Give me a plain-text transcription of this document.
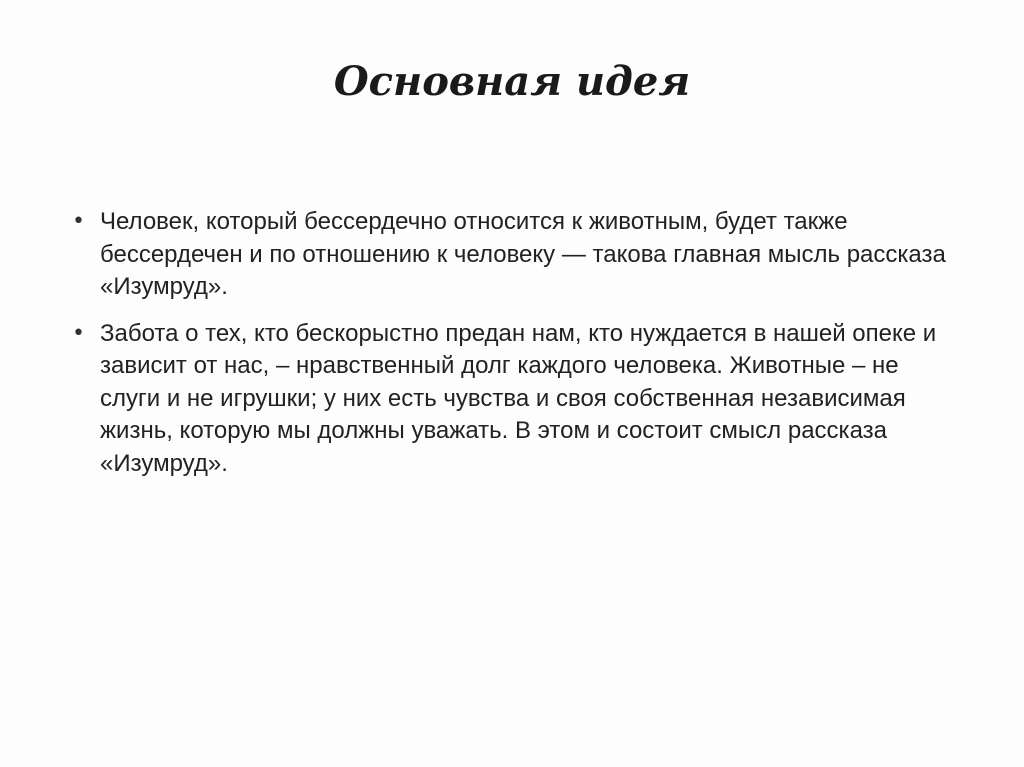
Основная идея
• Человек, который бессердечно относится к животным, будет также бессердечен и по отношению к человеку — такова главная мысль рассказа «Изумруд».
• Забота о тех, кто бескорыстно предан нам, кто нуждается в нашей опеке и зависит от нас, – нравственный долг каждого человека. Животные – не слуги и не игрушки; у них есть чувства и своя собственная независимая жизнь, которую мы должны уважать. В этом и состоит смысл рассказа «Изумруд».
